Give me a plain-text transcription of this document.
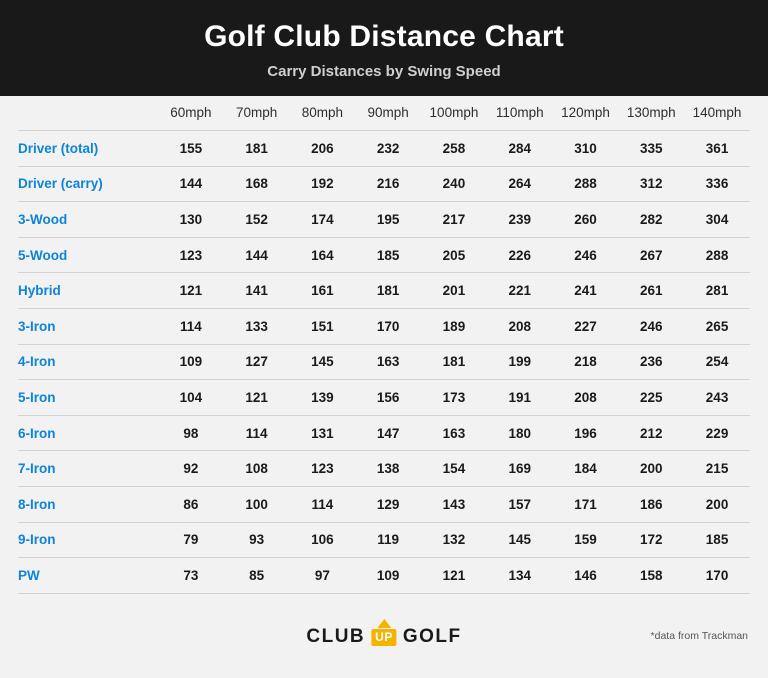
Golf Club Distance Chart
Carry Distances by Swing Speed
	60mph	70mph	80mph	90mph	100mph	110mph	120mph	130mph	140mph
Driver (total)	155	181	206	232	258	284	310	335	361
Driver (carry)	144	168	192	216	240	264	288	312	336
3-Wood	130	152	174	195	217	239	260	282	304
5-Wood	123	144	164	185	205	226	246	267	288
Hybrid	121	141	161	181	201	221	241	261	281
3-Iron	114	133	151	170	189	208	227	246	265
4-Iron	109	127	145	163	181	199	218	236	254
5-Iron	104	121	139	156	173	191	208	225	243
6-Iron	98	114	131	147	163	180	196	212	229
7-Iron	92	108	123	138	154	169	184	200	215
8-Iron	86	100	114	129	143	157	171	186	200
9-Iron	79	93	106	119	132	145	159	172	185
PW	73	85	97	109	121	134	146	158	170
CLUB UP GOLF	*data from Trackman
